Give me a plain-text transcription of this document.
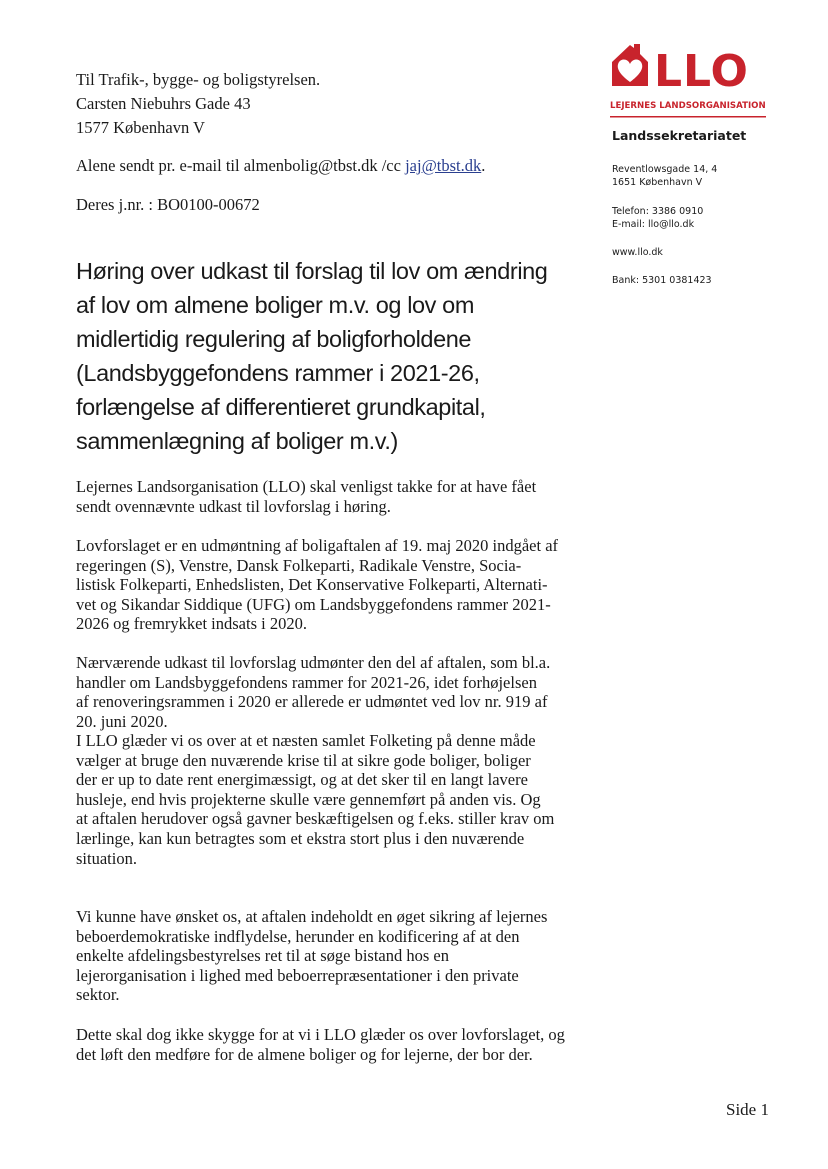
Til Trafik-, bygge- og boligstyrelsen.
Carsten Niebuhrs Gade 43
1577 København V
Alene sendt pr. e-mail til almenbolig@tbst.dk /cc jaj@tbst.dk.
Deres j.nr. : BO0100-00672
LLO
LEJERNES LANDSORGANISATION
Landssekretariatet
Reventlowsgade 14, 4
1651 København V
Telefon: 3386 0910
E-mail: llo@llo.dk
www.llo.dk
Bank: 5301 0381423
Høring over udkast til forslag til lov om ændring
af lov om almene boliger m.v. og lov om
midlertidig regulering af boligforholdene
(Landsbyggefondens rammer i 2021-26,
forlængelse af differentieret grundkapital,
sammenlægning af boliger m.v.)
Lejernes Landsorganisation (LLO) skal venligst takke for at have fået
sendt ovennævnte udkast til lovforslag i høring.
Lovforslaget er en udmøntning af boligaftalen af 19. maj 2020 indgået af
regeringen (S), Venstre, Dansk Folkeparti, Radikale Venstre, Socia-
listisk Folkeparti, Enhedslisten, Det Konservative Folkeparti, Alternati-
vet og Sikandar Siddique (UFG) om Landsbyggefondens rammer 2021-
2026 og fremrykket indsats i 2020.
Nærværende udkast til lovforslag udmønter den del af aftalen, som bl.a.
handler om Landsbyggefondens rammer for 2021-26, idet forhøjelsen
af renoveringsrammen i 2020 er allerede er udmøntet ved lov nr. 919 af
20. juni 2020.
I LLO glæder vi os over at et næsten samlet Folketing på denne måde
vælger at bruge den nuværende krise til at sikre gode boliger, boliger
der er up to date rent energimæssigt, og at det sker til en langt lavere
husleje, end hvis projekterne skulle være gennemført på anden vis. Og
at aftalen herudover også gavner beskæftigelsen og f.eks. stiller krav om
lærlinge, kan kun betragtes som et ekstra stort plus i den nuværende
situation.
Vi kunne have ønsket os, at aftalen indeholdt en øget sikring af lejernes
beboerdemokratiske indflydelse, herunder en kodificering af at den
enkelte afdelingsbestyrelses ret til at søge bistand hos en
lejerorganisation i lighed med beboerrepræsentationer i den private
sektor.
Dette skal dog ikke skygge for at vi i LLO glæder os over lovforslaget, og
det løft den medføre for de almene boliger og for lejerne, der bor der.
Side 1
